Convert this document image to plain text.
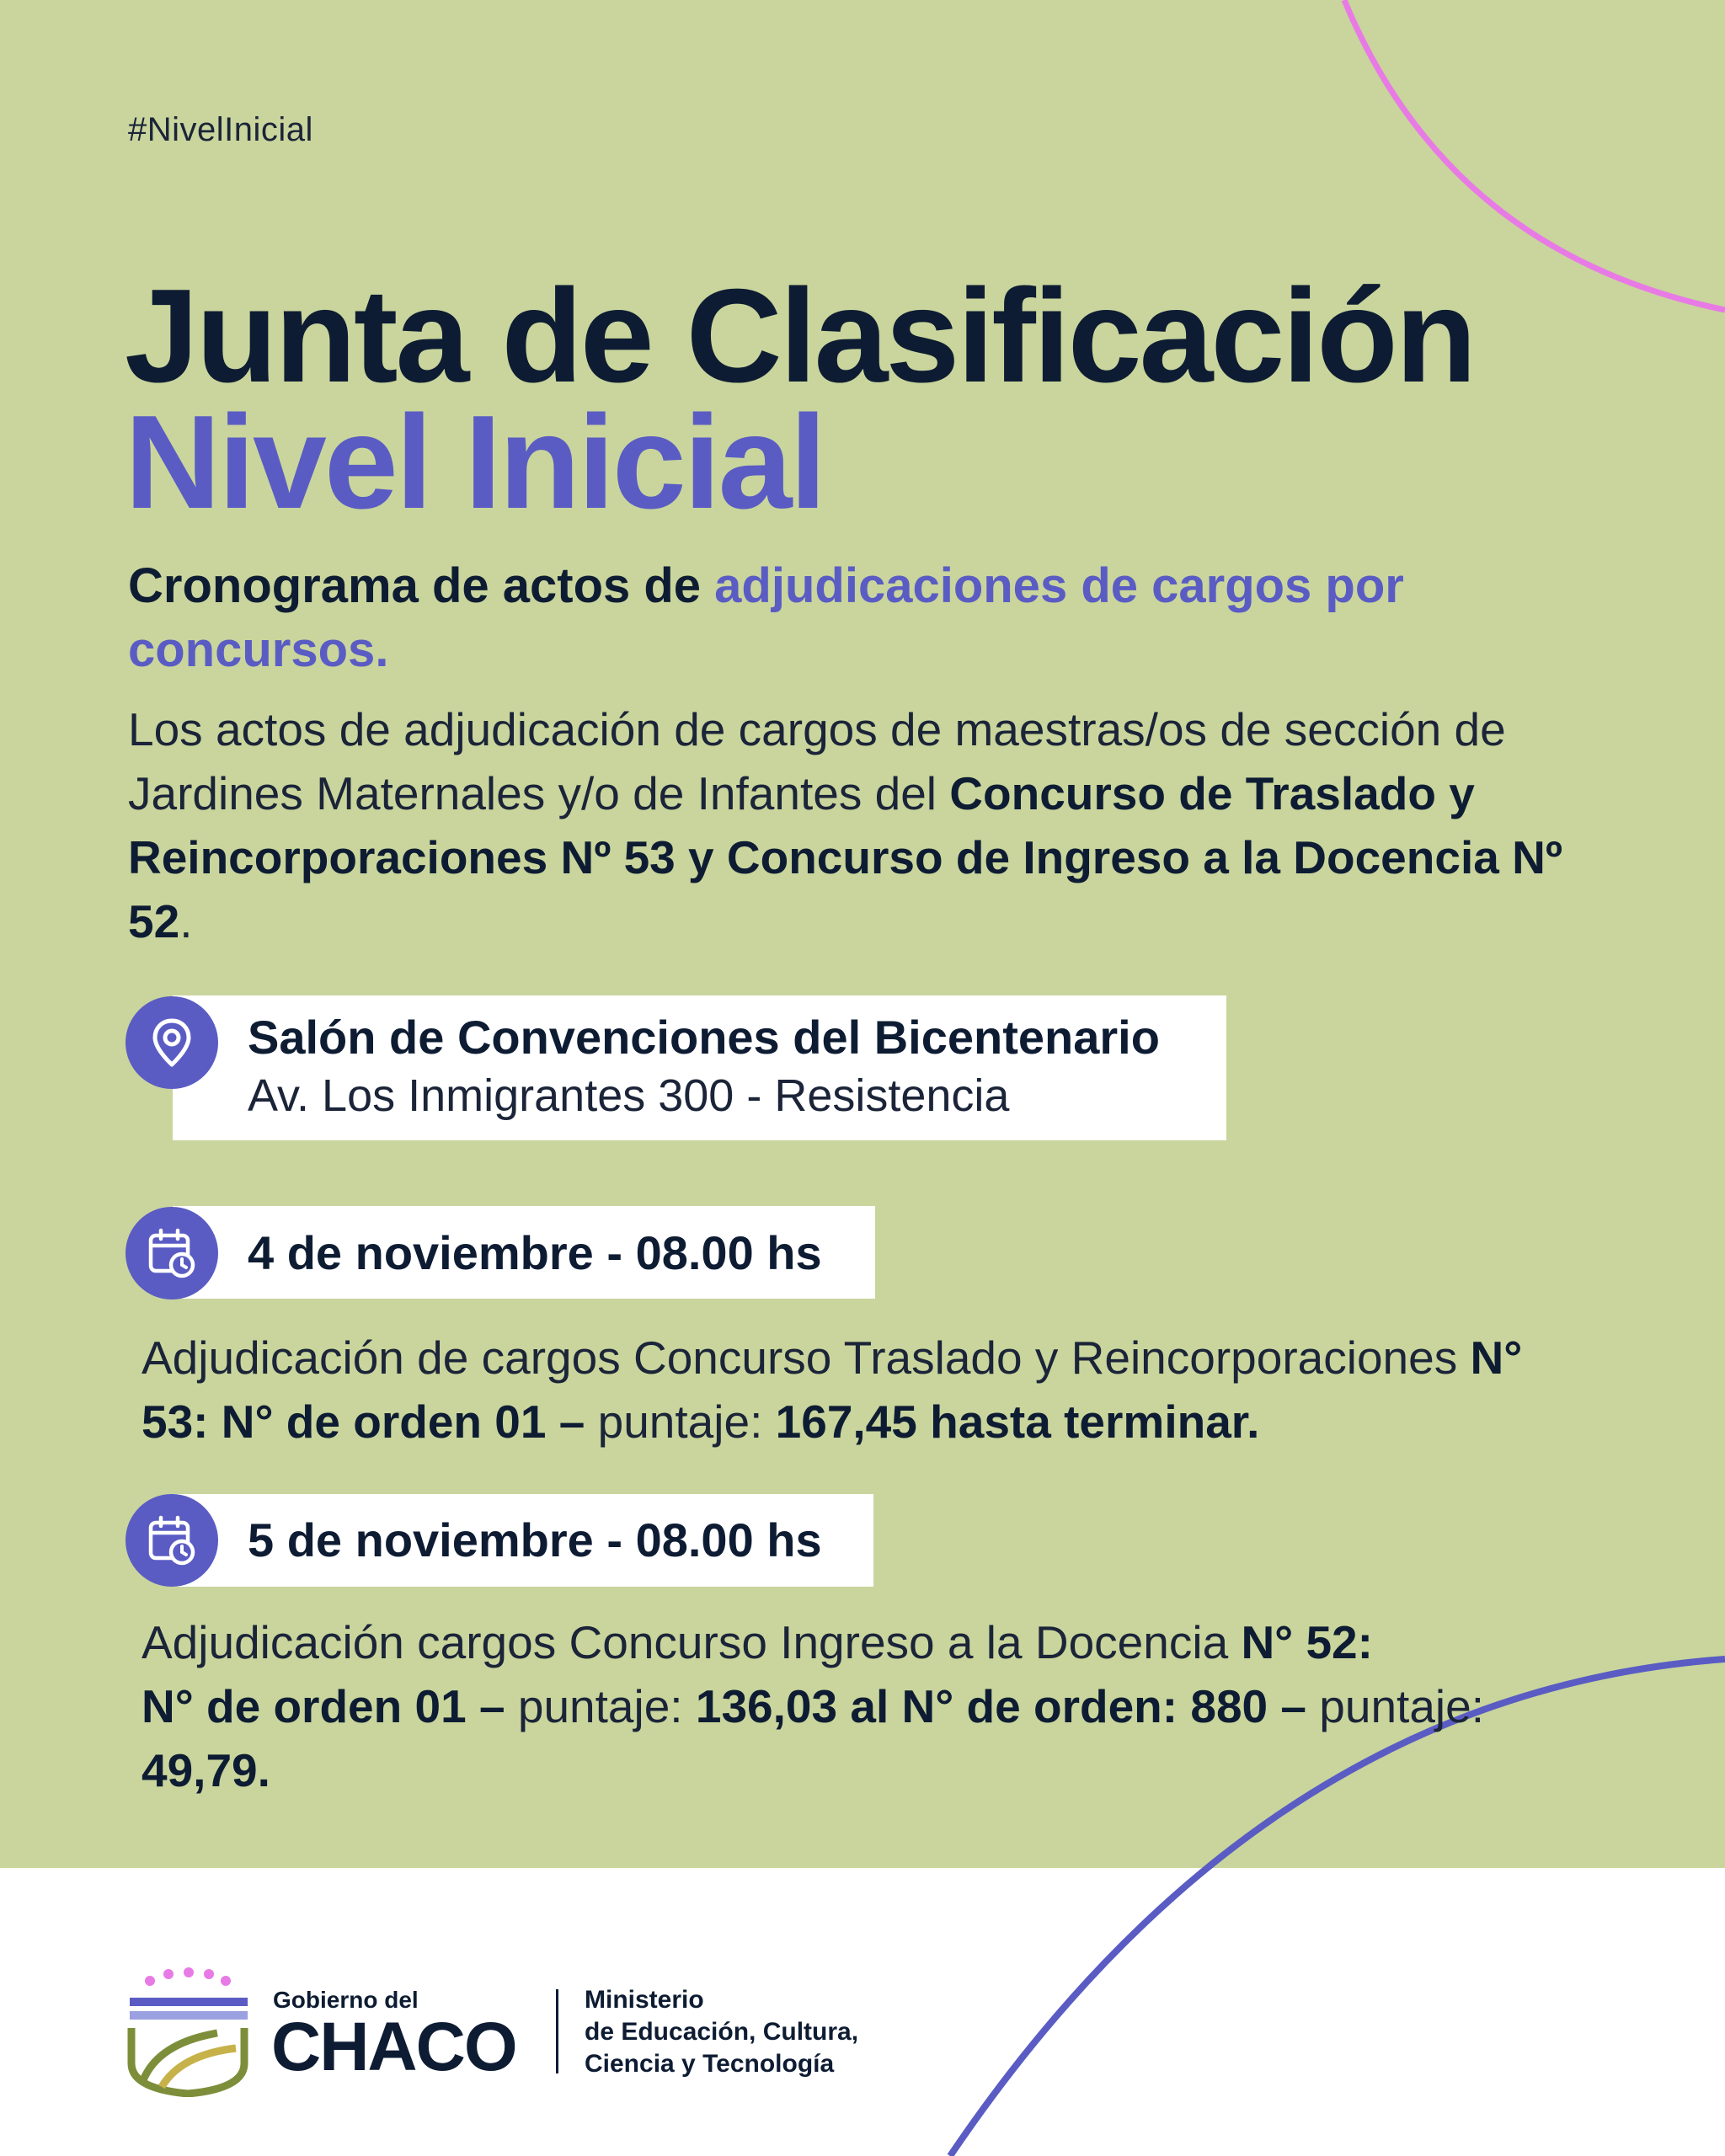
#NivelInicial
Junta de Clasificación
Nivel Inicial
Cronograma de actos de adjudicaciones de cargos por concursos.
Los actos de adjudicación de cargos de maestras/os de sección de Jardines Maternales y/o de Infantes del Concurso de Traslado y Reincorporaciones Nº 53 y Concurso de Ingreso a la Docencia Nº 52.
Salón de Convenciones del Bicentenario
Av. Los Inmigrantes 300 - Resistencia
4 de noviembre - 08.00 hs
Adjudicación de cargos Concurso Traslado y Reincorporaciones N° 53: N° de orden 01 – puntaje: 167,45 hasta terminar.
5 de noviembre - 08.00 hs
Adjudicación cargos Concurso Ingreso a la Docencia N° 52:
N° de orden 01 – puntaje: 136,03 al N° de orden: 880 – puntaje: 49,79.
Gobierno del
CHACO
Ministerio
de Educación, Cultura,
Ciencia y Tecnología
